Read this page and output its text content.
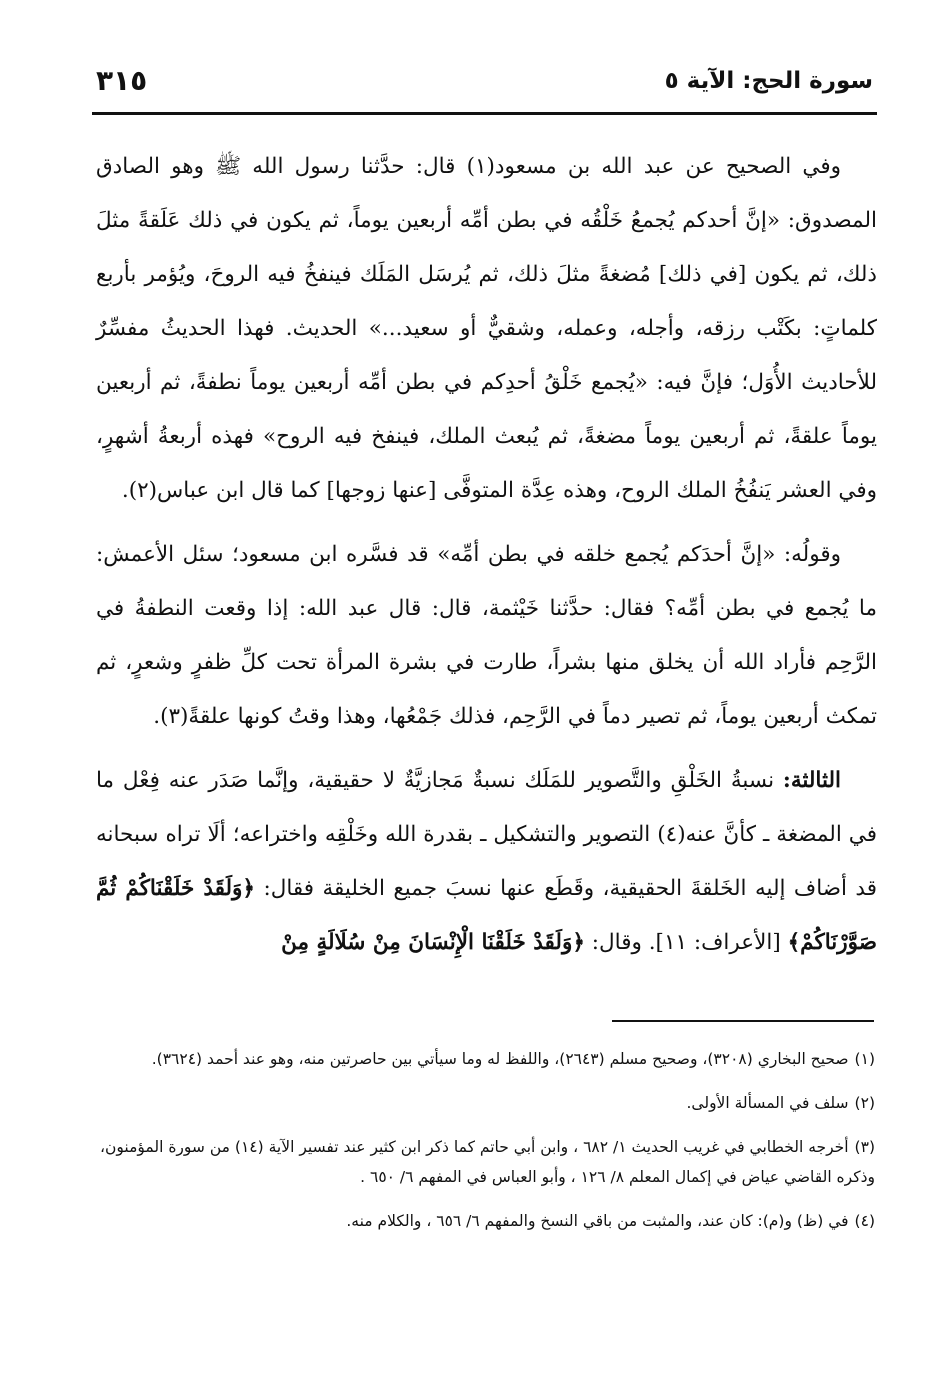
سورة الحج: الآية ٥
٣١٥

وفي الصحيح عن عبد الله بن مسعود(١) قال: حدَّثنا رسول الله ﷺ وهو الصادق المصدوق: «إنَّ أحدكم يُجمعُ خَلْقُه في بطن أمِّه أربعين يوماً، ثم يكون في ذلك عَلَقةً مثلَ ذلك، ثم يكون [في ذلك] مُضغةً مثلَ ذلك، ثم يُرسَل المَلَك فينفخُ فيه الروحَ، ويُؤمر بأربع كلماتٍ: بكَتْب رزقه، وأجله، وعمله، وشقيٌّ أو سعيد...» الحديث. فهذا الحديثُ مفسِّرٌ للأحاديث الأُوَل؛ فإنَّ فيه: «يُجمع خَلْقُ أحدِكم في بطن أمِّه أربعين يوماً نطفةً، ثم أربعين يوماً علقةً، ثم أربعين يوماً مضغةً، ثم يُبعث الملك، فينفخ فيه الروح» فهذه أربعةُ أشهرٍ، وفي العشر يَنفُخُ الملك الروح، وهذه عِدَّة المتوفَّى [عنها زوجها] كما قال ابن عباس(٢).

وقولُه: «إنَّ أحدَكم يُجمع خلقه في بطن أمِّه» قد فسَّره ابن مسعود؛ سئل الأعمش: ما يُجمع في بطن أمِّه؟ فقال: حدَّثنا خَيْثمة، قال: قال عبد الله: إذا وقعت النطفةُ في الرَّحِم فأراد الله أن يخلق منها بشراً، طارت في بشرة المرأة تحت كلِّ ظفرٍ وشعرٍ، ثم تمكث أربعين يوماً، ثم تصير دماً في الرَّحِم، فذلك جَمْعُها، وهذا وقتُ كونها علقةً(٣).

الثالثة: نسبةُ الخَلْقِ والتَّصوير للمَلَك نسبةٌ مَجازيَّةٌ لا حقيقية، وإنَّما صَدَر عنه فِعْل ما في المضغة ـ كأنَّ عنه(٤) التصوير والتشكيل ـ بقدرة الله وخَلْقِه واختراعه؛ ألَا تراه سبحانه قد أضاف إليه الخَلقةَ الحقيقية، وقَطَع عنها نسبَ جميع الخليقة فقال: ﴿وَلَقَدْ خَلَقْنَاكُمْ ثُمَّ صَوَّرْنَاكُمْ﴾ [الأعراف: ١١]. وقال: ﴿وَلَقَدْ خَلَقْنَا الْإِنْسَانَ مِنْ سُلَالَةٍ مِنْ

(١)صحيح البخاري (٣٢٠٨)، وصحيح مسلم (٢٦٤٣)، واللفظ له وما سيأتي بين حاصرتين منه، وهو عند أحمد (٣٦٢٤).

(٢)سلف في المسألة الأولى.

(٣)أخرجه الخطابي في غريب الحديث ١/ ٦٨٢ ، وابن أبي حاتم كما ذكر ابن كثير عند تفسير الآية (١٤) من سورة المؤمنون، وذكره القاضي عياض في إكمال المعلم ٨/ ١٢٦ ، وأبو العباس في المفهم ٦/ ٦٥٠ .

(٤)في (ظ) و(م): كان عند، والمثبت من باقي النسخ والمفهم ٦/ ٦٥٦ ، والكلام منه.
